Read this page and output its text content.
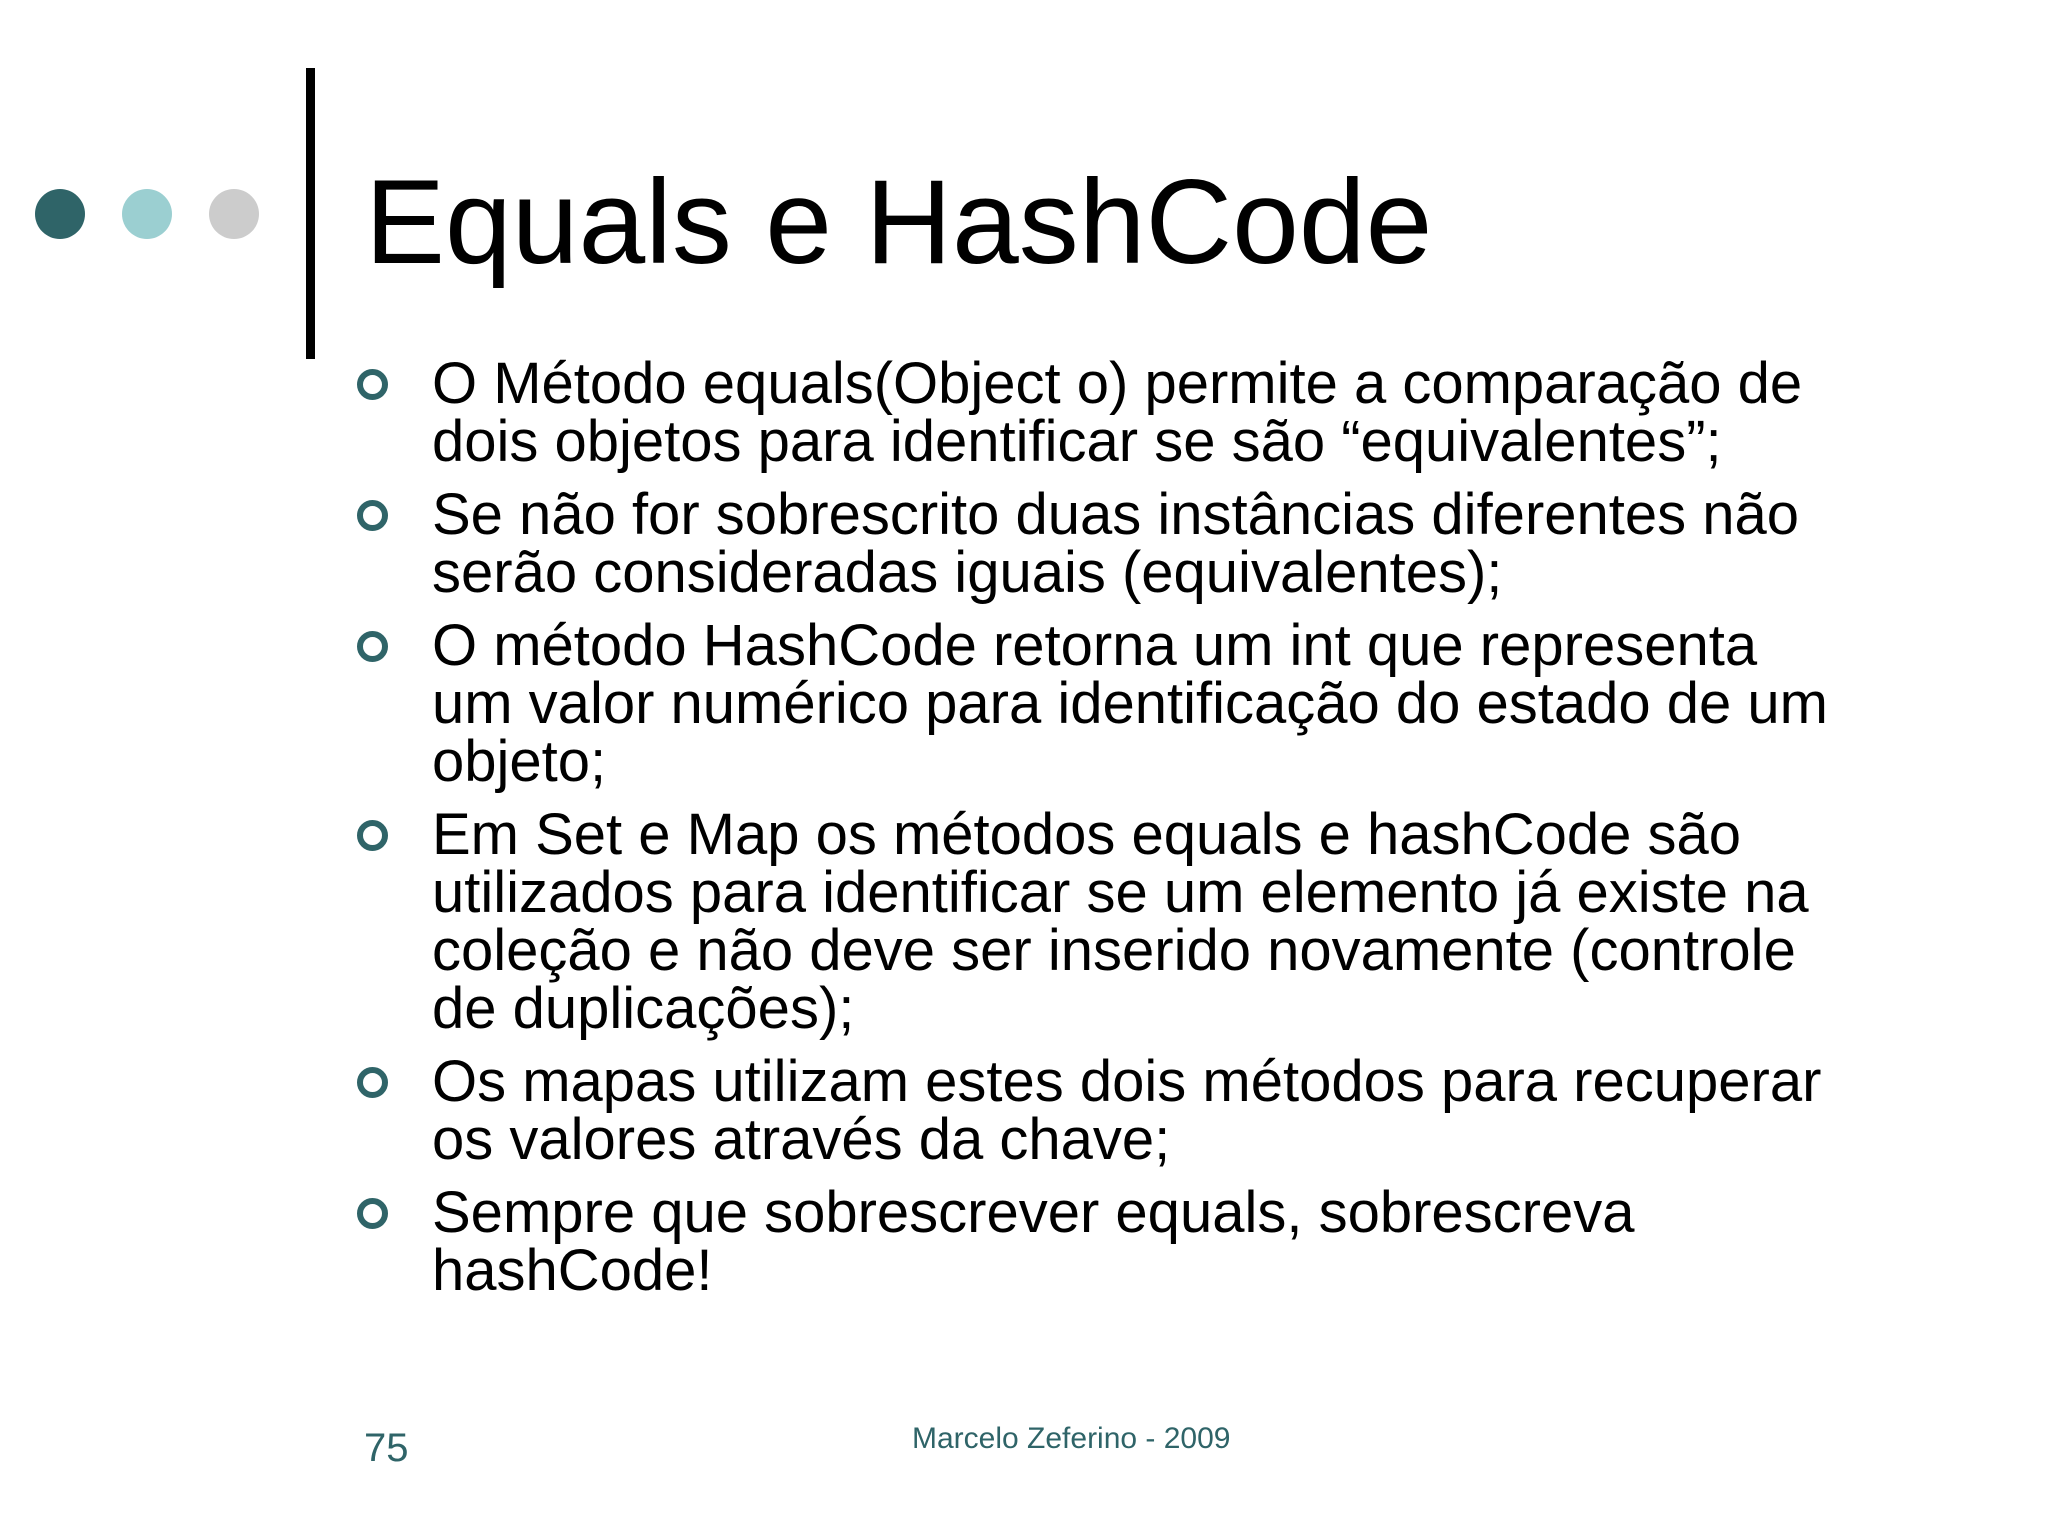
Equals e HashCode
O Método equals(Object o) permite a comparação de
dois objetos para identificar se são “equivalentes”;
Se não for sobrescrito duas instâncias diferentes não
serão consideradas iguais (equivalentes);
O método HashCode retorna um int que representa
um valor numérico para identificação do estado de um
objeto;
Em Set e Map os métodos equals e hashCode são
utilizados para identificar se um elemento já existe na
coleção e não deve ser inserido novamente (controle
de duplicações);
Os mapas utilizam estes dois métodos para recuperar
os valores através da chave;
Sempre que sobrescrever equals, sobrescreva
hashCode!
75	Marcelo Zeferino - 2009
